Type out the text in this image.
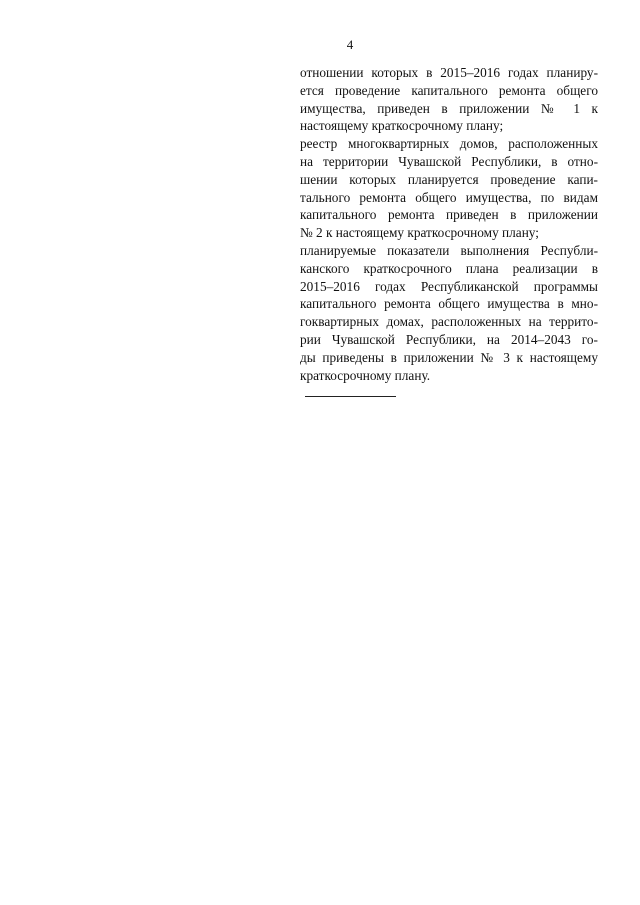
4
отношении которых в 2015–2016 годах планиру-
ется проведение капитального ремонта общего
имущества, приведен в приложении № 1 к
настоящему краткосрочному плану;
реестр многоквартирных домов, расположенных
на территории Чувашской Республики, в отно-
шении которых планируется проведение капи-
тального ремонта общего имущества, по видам
капитального ремонта приведен в приложении
№ 2 к настоящему краткосрочному плану;
планируемые показатели выполнения Республи-
канского краткосрочного плана реализации в
2015–2016 годах Республиканской программы
капитального ремонта общего имущества в мно-
гоквартирных домах, расположенных на террито-
рии Чувашской Республики, на 2014–2043 го-
ды приведены в приложении № 3 к настоящему
краткосрочному плану.
